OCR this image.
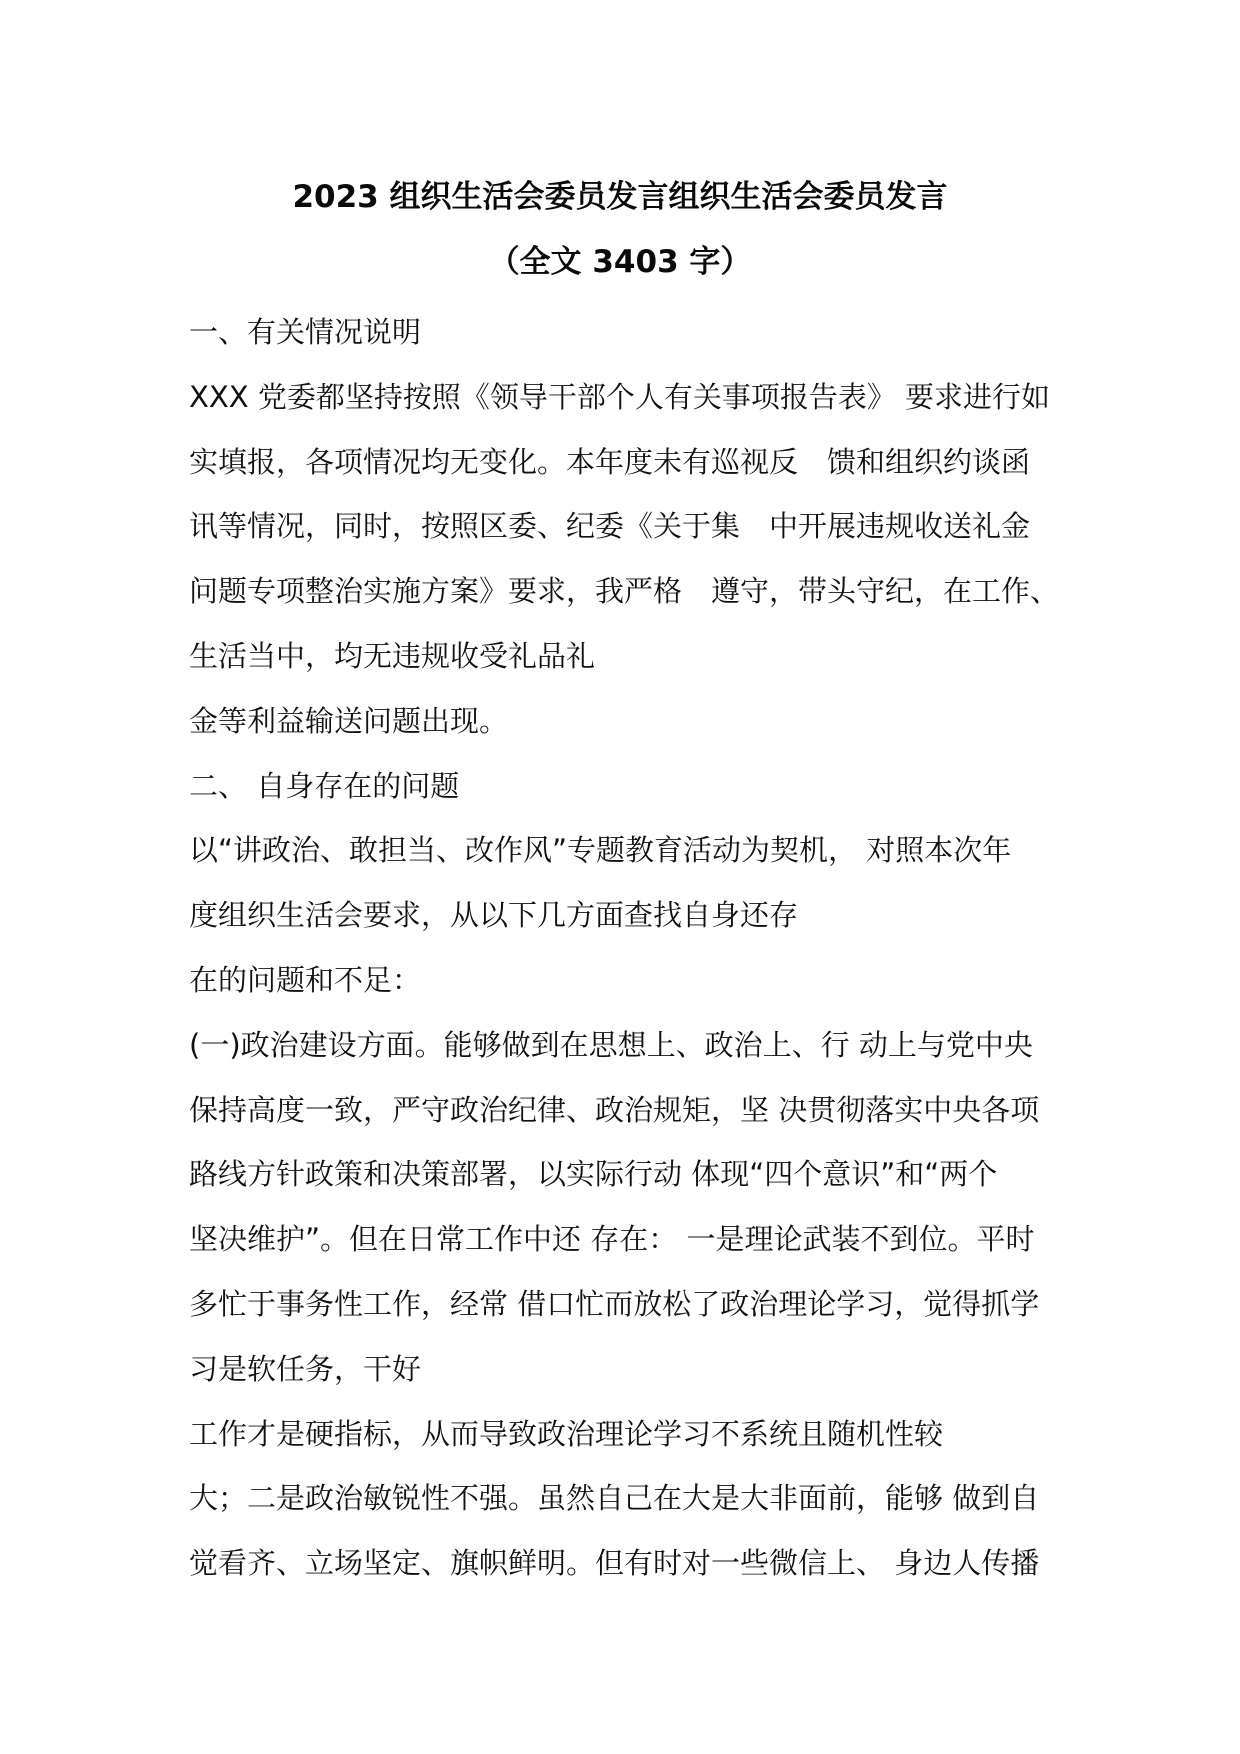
2023 组织生活会委员发言组织生活会委员发言
（全文 3403 字）
一、有关情况说明
XXX 党委都坚持按照《领导干部个人有关事项报告表》 要求进行如
实填报，各项情况均无变化。本年度未有巡视反　馈和组织约谈函
讯等情况，同时，按照区委、纪委《关于集　中开展违规收送礼金
问题专项整治实施方案》要求，我严格　遵守，带头守纪，在工作、
生活当中，均无违规收受礼品礼
金等利益输送问题出现。
二、 自身存在的问题
以“讲政治、敢担当、改作风”专题教育活动为契机， 对照本次年
度组织生活会要求，从以下几方面查找自身还存
在的问题和不足：
(一)政治建设方面。能够做到在思想上、政治上、行 动上与党中央
保持高度一致，严守政治纪律、政治规矩，坚 决贯彻落实中央各项
路线方针政策和决策部署，以实际行动 体现“四个意识”和“两个
坚决维护”。但在日常工作中还 存在： 一是理论武装不到位。平时
多忙于事务性工作，经常 借口忙而放松了政治理论学习，觉得抓学
习是软任务，干好
工作才是硬指标，从而导致政治理论学习不系统且随机性较
大；二是政治敏锐性不强。虽然自己在大是大非面前，能够 做到自
觉看齐、立场坚定、旗帜鲜明。但有时对一些微信上、 身边人传播
